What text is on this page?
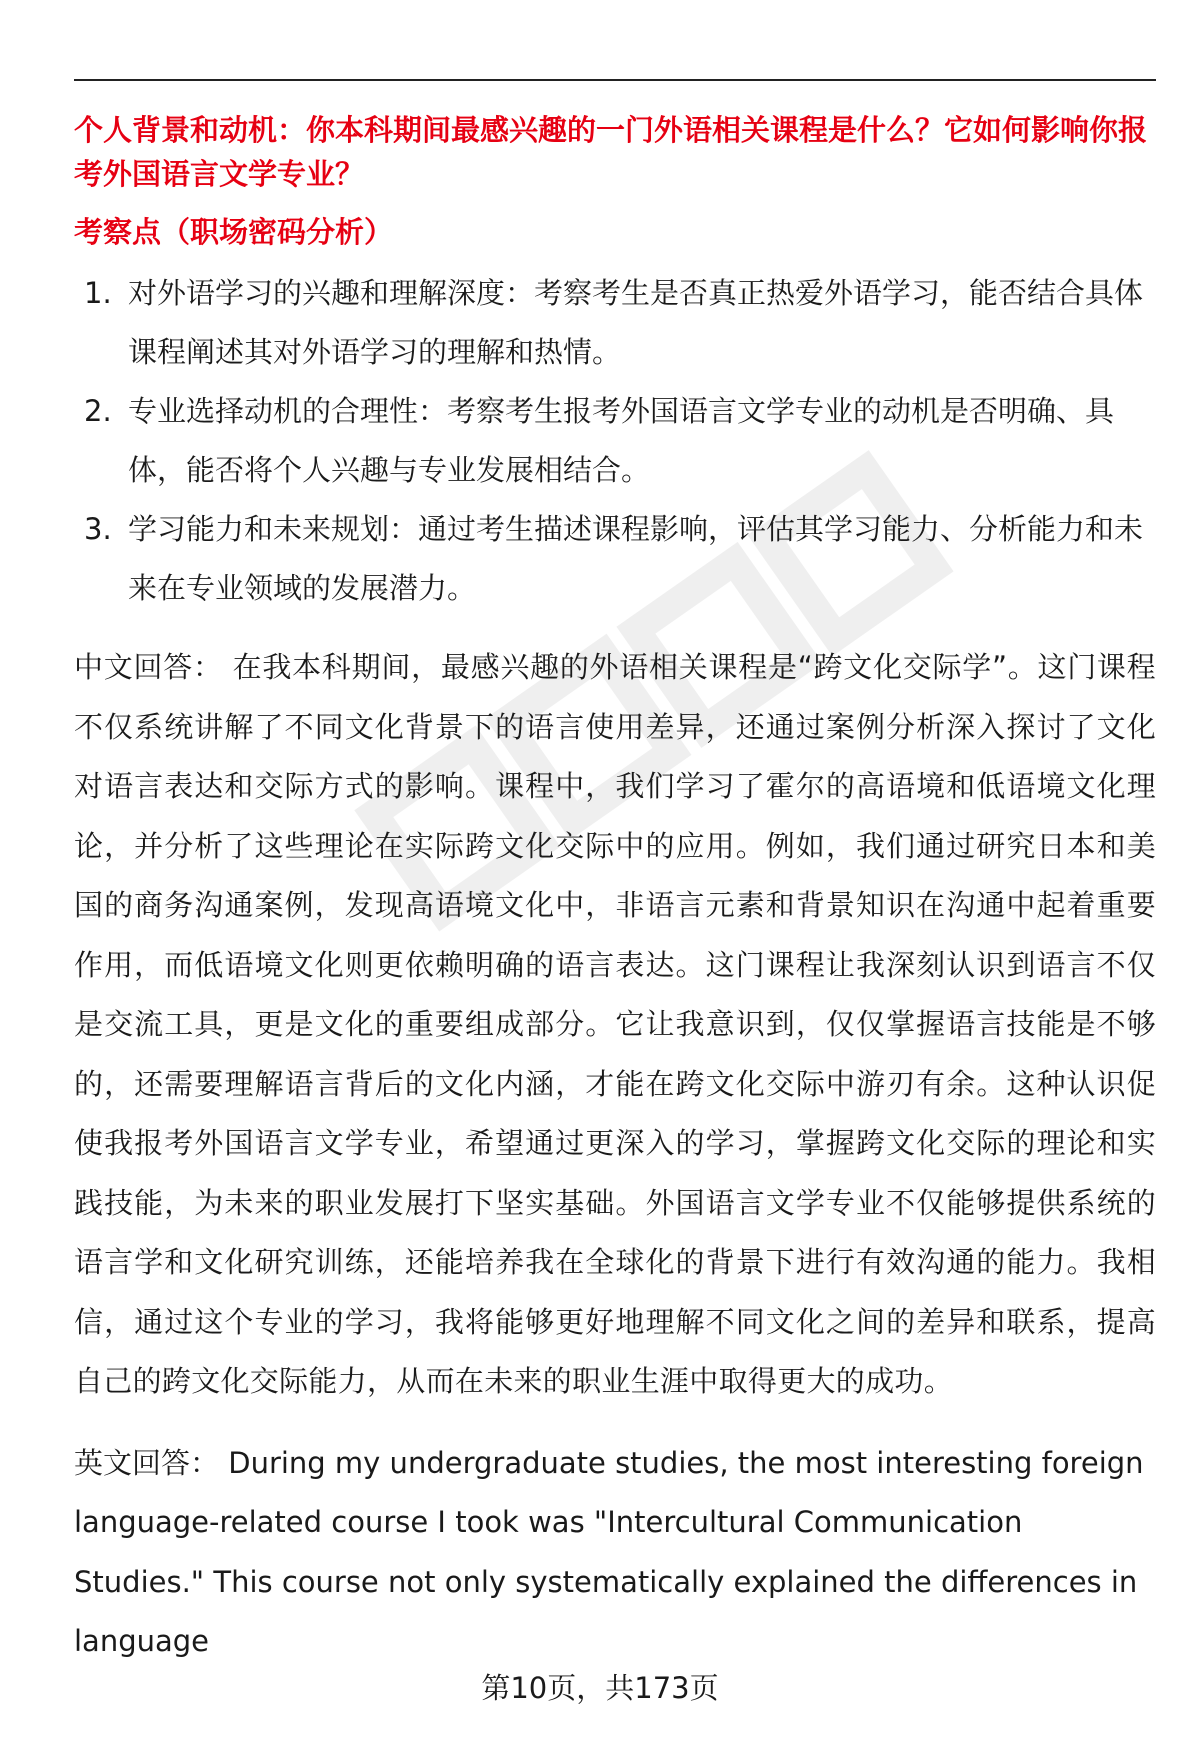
个人背景和动机：你本科期间最感兴趣的一门外语相关课程是什么？它如何影响你报考外国语言文学专业？

考察点（职场密码分析）

1. 对外语学习的兴趣和理解深度：考察考生是否真正热爱外语学习，能否结合具体课程阐述其对外语学习的理解和热情。
2. 专业选择动机的合理性：考察考生报考外国语言文学专业的动机是否明确、具体，能否将个人兴趣与专业发展相结合。
3. 学习能力和未来规划：通过考生描述课程影响，评估其学习能力、分析能力和未来在专业领域的发展潜力。

中文回答： 在我本科期间，最感兴趣的外语相关课程是“跨文化交际学”。这门课程不仅系统讲解了不同文化背景下的语言使用差异，还通过案例分析深入探讨了文化对语言表达和交际方式的影响。课程中，我们学习了霍尔的高语境和低语境文化理论，并分析了这些理论在实际跨文化交际中的应用。例如，我们通过研究日本和美国的商务沟通案例，发现高语境文化中，非语言元素和背景知识在沟通中起着重要作用，而低语境文化则更依赖明确的语言表达。这门课程让我深刻认识到语言不仅是交流工具，更是文化的重要组成部分。它让我意识到，仅仅掌握语言技能是不够的，还需要理解语言背后的文化内涵，才能在跨文化交际中游刃有余。这种认识促使我报考外国语言文学专业，希望通过更深入的学习，掌握跨文化交际的理论和实践技能，为未来的职业发展打下坚实基础。外国语言文学专业不仅能够提供系统的语言学和文化研究训练，还能培养我在全球化的背景下进行有效沟通的能力。我相信，通过这个专业的学习，我将能够更好地理解不同文化之间的差异和联系，提高自己的跨文化交际能力，从而在未来的职业生涯中取得更大的成功。

英文回答： During my undergraduate studies, the most interesting foreign language-related course I took was "Intercultural Communication Studies." This course not only systematically explained the differences in language

第10页，共173页
